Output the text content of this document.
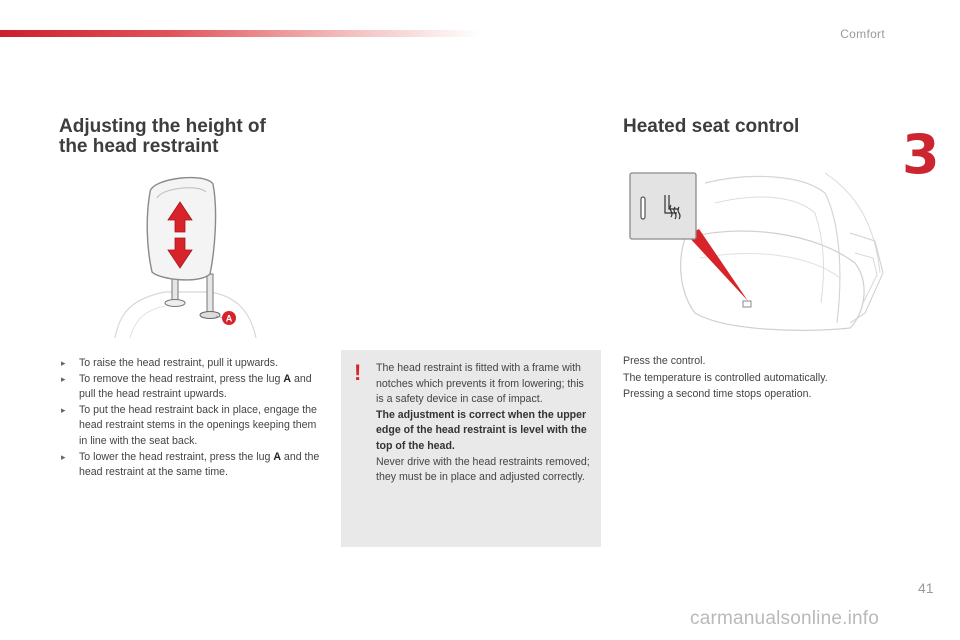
Comfort
3
Adjusting the height of
the head restraint
A
▸ To raise the head restraint, pull it upwards.
▸ To remove the head restraint, press the lug A and pull the head restraint upwards.
▸ To put the head restraint back in place, engage the head restraint stems in the openings keeping them in line with the seat back.
▸ To lower the head restraint, press the lug A and the head restraint at the same time.
! The head restraint is fitted with a frame with notches which prevents it from lowering; this is a safety device in case of impact.

The adjustment is correct when the upper edge of the head restraint is level with the top of the head.

Never drive with the head restraints removed; they must be in place and adjusted correctly.

Heated seat control

Press the control.

The temperature is controlled automatically.

Pressing a second time stops operation.

41
carmanualsonline.info
